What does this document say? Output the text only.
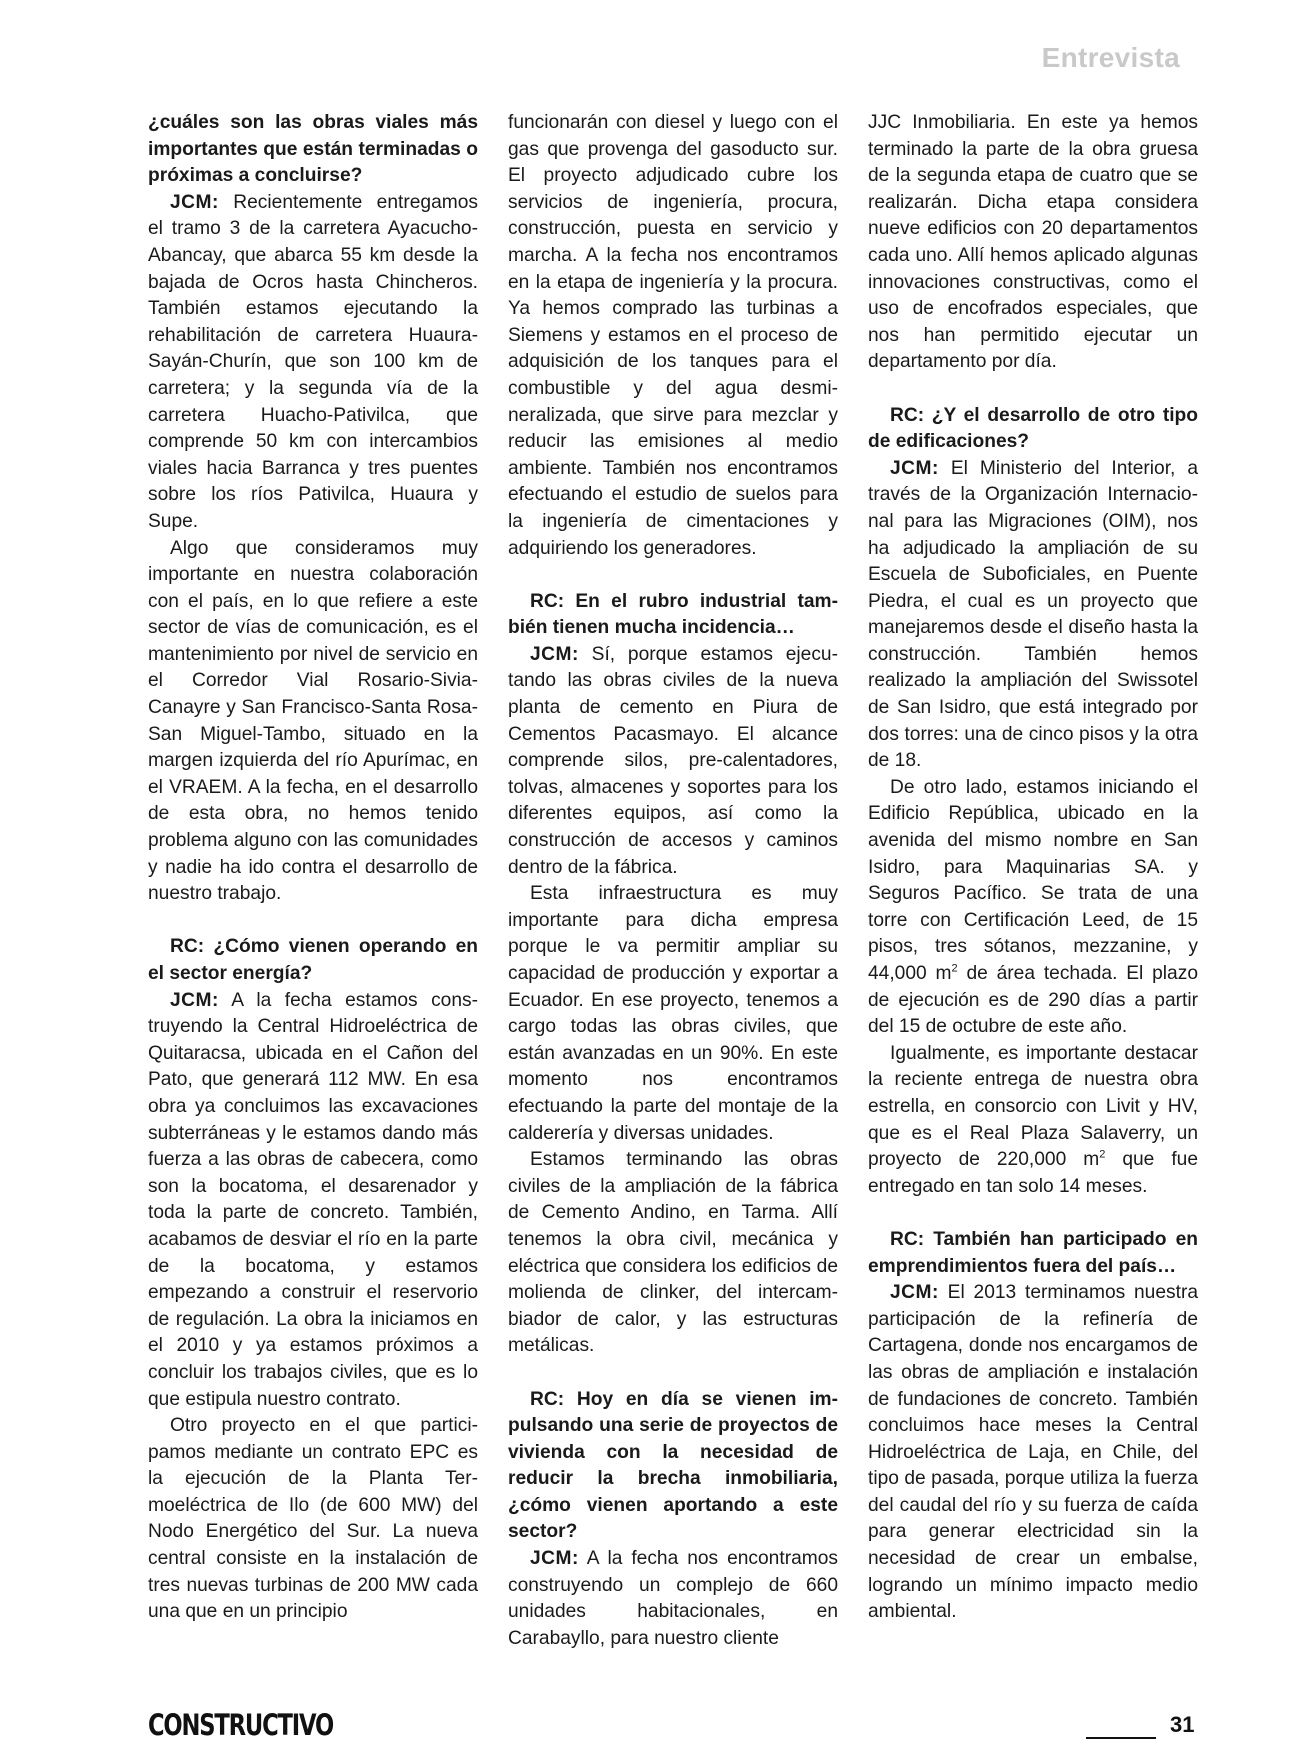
Entrevista

¿cuáles son las obras viales más importantes que están terminadas o próximas a concluirse?

JCM: Recientemente entregamos el tramo 3 de la carretera Ayacucho-Abancay, que abarca 55 km desde la bajada de Ocros hasta Chincheros. También estamos ejecutando la rehabilitación de carretera Huaura-Sayán-Churín, que son 100 km de carretera; y la segunda vía de la carretera Huacho-Pativilca, que comprende 50 km con intercambios viales hacia Barranca y tres puentes sobre los ríos Pativilca, Huaura y Supe.

Algo que consideramos muy importante en nuestra colaboración con el país, en lo que refiere a este sector de vías de comunicación, es el mantenimiento por nivel de servicio en el Corredor Vial Rosario-Sivia-Canayre y San Francisco-Santa Rosa-San Miguel-Tambo, situado en la margen izquierda del río Apurímac, en el VRAEM. A la fecha, en el desarrollo de esta obra, no hemos tenido problema alguno con las comunidades y nadie ha ido contra el desarrollo de nuestro trabajo.

RC: ¿Cómo vienen operando en el sector energía?

JCM: A la fecha estamos construyendo la Central Hidroeléctrica de Quitaracsa, ubicada en el Cañon del Pato, que generará 112 MW. En esa obra ya concluimos las excavaciones subterráneas y le estamos dando más fuerza a las obras de cabecera, como son la bocatoma, el desarenador y toda la parte de concreto. También, acabamos de desviar el río en la parte de la bocatoma, y estamos empezando a construir el reservorio de regulación. La obra la iniciamos en el 2010 y ya estamos próximos a concluir los trabajos civiles, que es lo que estipula nuestro contrato.

Otro proyecto en el que participamos mediante un contrato EPC es la ejecución de la Planta Termoeléctrica de Ilo (de 600 MW) del Nodo Energético del Sur. La nueva central consiste en la instalación de tres nuevas turbinas de 200 MW cada una que en un principio

funcionarán con diesel y luego con el gas que provenga del gasoducto sur. El proyecto adjudicado cubre los servicios de ingeniería, procura, construcción, puesta en servicio y marcha. A la fecha nos encontramos en la etapa de ingeniería y la procura. Ya hemos comprado las turbinas a Siemens y estamos en el proceso de adquisición de los tanques para el combustible y del agua desmineralizada, que sirve para mezclar y reducir las emisiones al medio ambiente. También nos encontramos efectuando el estudio de suelos para la ingeniería de cimentaciones y adquiriendo los generadores.

RC: En el rubro industrial también tienen mucha incidencia…

JCM: Sí, porque estamos ejecutando las obras civiles de la nueva planta de cemento en Piura de Cementos Pacasmayo. El alcance comprende silos, pre-calentadores, tolvas, almacenes y soportes para los diferentes equipos, así como la construcción de accesos y caminos dentro de la fábrica.

Esta infraestructura es muy importante para dicha empresa porque le va permitir ampliar su capacidad de producción y exportar a Ecuador. En ese proyecto, tenemos a cargo todas las obras civiles, que están avanzadas en un 90%. En este momento nos encontramos efectuando la parte del montaje de la calderería y diversas unidades.

Estamos terminando las obras civiles de la ampliación de la fábrica de Cemento Andino, en Tarma. Allí tenemos la obra civil, mecánica y eléctrica que considera los edificios de molienda de clinker, del intercambiador de calor, y las estructuras metálicas.

RC: Hoy en día se vienen impulsando una serie de proyectos de vivienda con la necesidad de reducir la brecha inmobiliaria, ¿cómo vienen aportando a este sector?

JCM: A la fecha nos encontramos construyendo un complejo de 660 unidades habitacionales, en Carabayllo, para nuestro cliente

JJC Inmobiliaria. En este ya hemos terminado la parte de la obra gruesa de la segunda etapa de cuatro que se realizarán. Dicha etapa considera nueve edificios con 20 departamentos cada uno. Allí hemos aplicado algunas innovaciones constructivas, como el uso de encofrados especiales, que nos han permitido ejecutar un departamento por día.

RC: ¿Y el desarrollo de otro tipo de edificaciones?

JCM: El Ministerio del Interior, a través de la Organización Internacional para las Migraciones (OIM), nos ha adjudicado la ampliación de su Escuela de Suboficiales, en Puente Piedra, el cual es un proyecto que manejaremos desde el diseño hasta la construcción. También hemos realizado la ampliación del Swissotel de San Isidro, que está integrado por dos torres: una de cinco pisos y la otra de 18.

De otro lado, estamos iniciando el Edificio República, ubicado en la avenida del mismo nombre en San Isidro, para Maquinarias SA. y Seguros Pacífico. Se trata de una torre con Certificación Leed, de 15 pisos, tres sótanos, mezzanine, y 44,000 $m^2$ de área techada. El plazo de ejecución es de 290 días a partir del 15 de octubre de este año.

Igualmente, es importante destacar la reciente entrega de nuestra obra estrella, en consorcio con Livit y HV, que es el Real Plaza Salaverry, un proyecto de 220,000 $m^2$ que fue entregado en tan solo 14 meses.

RC: También han participado en emprendimientos fuera del país…

JCM: El 2013 terminamos nuestra participación de la refinería de Cartagena, donde nos encargamos de las obras de ampliación e instalación de fundaciones de concreto. También concluimos hace meses la Central Hidroeléctrica de Laja, en Chile, del tipo de pasada, porque utiliza la fuerza del caudal del río y su fuerza de caída para generar electricidad sin la necesidad de crear un embalse, logrando un mínimo impacto medio ambiental.

CONSTRUCTIVO	31
